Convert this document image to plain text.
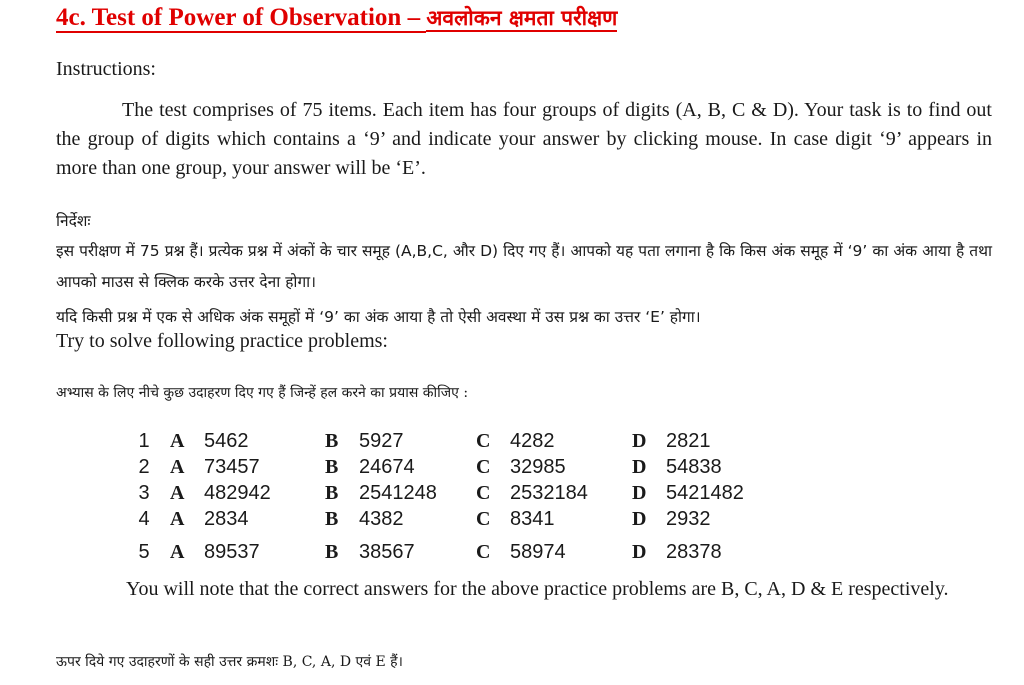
4c. Test of Power of Observation – अवलोकन क्षमता परीक्षण
Instructions:
The test comprises of 75 items. Each item has four groups of digits (A, B, C & D). Your task is to find out the group of digits which contains a ‘9’ and indicate your answer by clicking mouse. In case digit ‘9’ appears in more than one group, your answer will be ‘E’.
निर्देशः
इस परीक्षण में 75 प्रश्न हैं। प्रत्येक प्रश्न में अंकों के चार समूह (A,B,C, और D) दिए गए हैं। आपको यह पता लगाना है कि किस अंक समूह में ‘9’ का अंक आया है तथा आपको माउस से क्लिक करके उत्तर देना होगा।
यदि किसी प्रश्न में एक से अधिक अंक समूहों में ‘9’ का अंक आया है तो ऐसी अवस्था में उस प्रश्न का उत्तर ‘E’ होगा।
Try to solve following practice problems:
अभ्यास के लिए नीचे कुछ उदाहरण दिए गए हैं जिन्हें हल करने का प्रयास कीजिए :
1	A	5462	B	5927	C	4282	D	2821
2	A	73457	B	24674	C	32985	D	54838
3	A	482942	B	2541248	C	2532184	D	5421482
4	A	2834	B	4382	C	8341	D	2932
5	A	89537	B	38567	C	58974	D	28378
You will note that the correct answers for the above practice problems are B, C, A, D & E respectively.
ऊपर दिये गए उदाहरणों के सही उत्तर क्रमशः B, C, A, D एवं E हैं।
